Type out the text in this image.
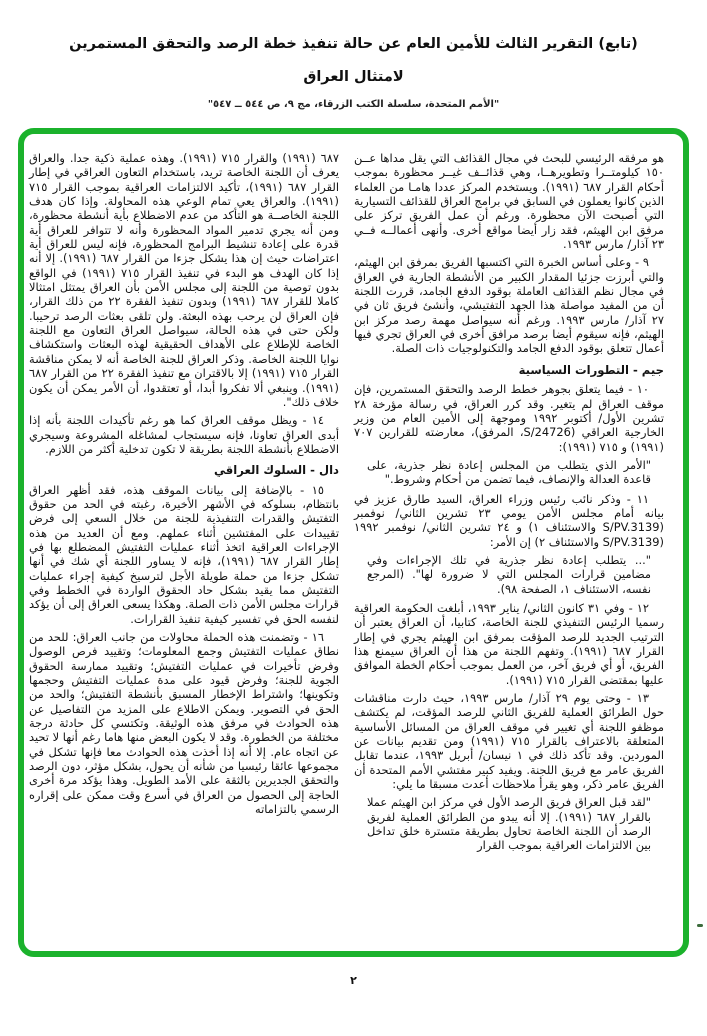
(تابع) التقرير الثالث للأمين العام عن حالة تنفيذ خطة الرصد والتحقق المستمرين
لامتثال العراق
"الأمم المتحدة، سلسلة الكتب الزرقاء، مج ٩، ص ٥٤٤ ــ ٥٤٧"

هو مرفقه الرئيسي للبحث في مجال القذائف التي يقل مداها عــن ١٥٠ كيلومتــرا وتطويرهــا، وهي قذائــف غيــر محظورة بموجب أحكام القرار ٦٨٧ (١٩٩١). ويستخدم المركز عددا هامـا من العلماء الذين كانوا يعملون في السابق في برامج العراق للقذائف التسيارية التي أصبحت الآن محظورة. ورغم أن عمل الفريق تركز على مرفق ابن الهيثم، فقد زار أيضا مواقع أخرى. وأنهى أعمالــه فــي ٢٣ آذار/ مارس ١٩٩٣.

٩ - وعلى أساس الخبرة التي اكتسبها الفريق بمرفق ابن الهيثم، والتي أبرزت جزئيا المقدار الكبير من الأنشطة الجارية في العراق في مجال نظم القذائف العاملة بوقود الدفع الجامد، قررت اللجنة أن من المفيد مواصلة هذا الجهد التفتيشي، وأنشئ فريق ثان في ٢٧ آذار/ مارس ١٩٩٣. ورغم أنه سيواصل مهمة رصد مركز ابن الهيثم، فإنه سيقوم أيضا برصد مرافق أخرى في العراق تجري فيها أعمال تتعلق بوقود الدفع الجامد والتكنولوجيات ذات الصلة.

جيم - التطورات السياسية

١٠ - فيما يتعلق بجوهر خطط الرصد والتحقق المستمرين، فإن موقف العراق لم يتغير. وقد كرر العراق، في رسالة مؤرخة ٢٨ تشرين الأول/ أكتوبر ١٩٩٢ وموجهة إلى الأمين العام من وزير الخارجية العراقي (S/24726، المرفق)، معارضته للقرارين ٧٠٧ (١٩٩١) و ٧١٥ (١٩٩١):

"الأمر الذي يتطلب من المجلس إعادة نظر جذرية، على قاعدة العدالة والإنصاف، فيما تضمن من أحكام وشروط."

١١ - وذكر نائب رئيس وزراء العراق، السيد طارق عزيز في بيانه أمام مجلس الأمن يومي ٢٣ تشرين الثاني/ نوفمبر (S/PV.3139 والاستئناف ١) و ٢٤ تشرين الثاني/ نوفمبر ١٩٩٢ (S/PV.3139 والاستئناف ٢) إن الأمر:

"... يتطلب إعادة نظر جذرية في تلك الإجراءات وفي مضامين قرارات المجلس التي لا ضرورة لها". (المرجع نفسه، الاستئناف ١، الصفحة ٩٨).

١٢ - وفي ٣١ كانون الثاني/ يناير ١٩٩٣، أبلغت الحكومة العراقية رسميا الرئيس التنفيذي للجنة الخاصة، كتابيا، أن العراق يعتبر أن الترتيب الجديد للرصد المؤقت بمرفق ابن الهيثم يجري في إطار القرار ٦٨٧ (١٩٩١). وتفهم اللجنة من هذا أن العراق سيمنع هذا الفريق، أو أي فريق آخر، من العمل بموجب أحكام الخطة الموافق عليها بمقتضى القرار ٧١٥ (١٩٩١).

١٣ - وحتى يوم ٢٩ آذار/ مارس ١٩٩٣، حيث دارت مناقشات حول الطرائق العملية للفريق الثاني للرصد المؤقت، لم يكتشف موظفو اللجنة أي تغيير في موقف العراق من المسائل الأساسية المتعلقة بالاعتراف بالقرار ٧١٥ (١٩٩١) ومن تقديم بيانات عن الموردين. وقد تأكد ذلك في ١ نيسان/ أبريل ١٩٩٣، عندما تقابل الفريق عامر مع فريق اللجنة. ويفيد كبير مفتشي الأمم المتحدة أن الفريق عامر ذكر، وهو يقرأ ملاحظات أعدت مسبقا ما يلي:

"لقد قبل العراق فريق الرصد الأول في مركز ابن الهيثم عملا بالقرار ٦٨٧ (١٩٩١). إلا أنه يبدو من الطرائق العملية لفريق الرصد أن اللجنة الخاصة تحاول بطريقة متسترة خلق تداخل بين الالتزامات العراقية بموجب القرار

٦٨٧ (١٩٩١) والقرار ٧١٥ (١٩٩١). وهذه عملية ذكية جدا. والعراق يعرف أن اللجنة الخاصة تريد، باستخدام التعاون العراقي في إطار القرار ٦٨٧ (١٩٩١)، تأكيد الالتزامات العراقية بموجب القرار ٧١٥ (١٩٩١). والعراق يعي تمام الوعي هذه المحاولة. وإذا كان هدف اللجنة الخاصــة هو التأكد من عدم الاضطلاع بأية أنشطة محظورة، ومن أنه يجري تدمير المواد المحظورة وأنه لا تتوافر للعراق أية قدرة على إعادة تنشيط البرامج المحظورة، فإنه ليس للعراق أية اعتراضات حيث إن هذا يشكل جزءا من القرار ٦٨٧ (١٩٩١). إلا أنه إذا كان الهدف هو البدء في تنفيذ القرار ٧١٥ (١٩٩١) في الواقع بدون توصية من اللجنة إلى مجلس الأمن بأن العراق يمتثل امتثالا كاملا للقرار ٦٨٧ (١٩٩١) وبدون تنفيذ الفقرة ٢٢ من ذلك القرار، فإن العراق لن يرحب بهذه البعثة. ولن تلقى بعثات الرصد ترحيبا. ولكن حتى في هذه الحالة، سيواصل العراق التعاون مع اللجنة الخاصة للإطلاع على الأهداف الحقيقية لهذه البعثات واستكشاف نوايا اللجنة الخاصة. وذكر العراق للجنة الخاصة أنه لا يمكن مناقشة القرار ٧١٥ (١٩٩١) إلا بالاقتران مع تنفيذ الفقرة ٢٢ من القرار ٦٨٧ (١٩٩١). وينبغي ألا تفكروا أبدا، أو تعتقدوا، أن الأمر يمكن أن يكون خلاف ذلك".

١٤ - ويظل موقف العراق كما هو رغم تأكيدات اللجنة بأنه إذا أبدى العراق تعاونا، فإنه سيستجاب لمشاغله المشروعة وسيجري الاضطلاع بأنشطة اللجنة بطريقة لا تكون تدخلية أكثر من اللازم.

دال - السلوك العراقي

١٥ - بالإضافة إلى بيانات الموقف هذه، فقد أظهر العراق بانتظام، بسلوكه في الأشهر الأخيرة، رغبته في الحد من حقوق التفتيش والقدرات التنفيذية للجنة من خلال السعي إلى فرض تقييدات على المفتشين أثناء عملهم. ومع أن العديد من هذه الإجراءات العراقية اتخذ أثناء عمليات التفتيش المضطلع بها في إطار القرار ٦٨٧ (١٩٩١)، فإنه لا يساور اللجنة أي شك في أنها تشكل جزءا من حملة طويلة الأجل لترسيخ كيفية إجراء عمليات التفتيش مما يقيد بشكل حاد الحقوق الواردة في الخطط وفي قرارات مجلس الأمن ذات الصلة. وهكذا يسعى العراق إلى أن يؤكد لنفسه الحق في تفسير كيفية تنفيذ القرارات.

١٦ - وتضمنت هذه الحملة محاولات من جانب العراق: للحد من نطاق عمليات التفتيش وجمع المعلومات؛ وتقييد فرص الوصول وفرض تأخيرات في عمليات التفتيش؛ وتقييد ممارسة الحقوق الجوية للجنة؛ وفرض قيود على مدة عمليات التفتيش وحجمها وتكوينها؛ واشتراط الإخطار المسبق بأنشطة التفتيش؛ والحد من الحق في التصوير. ويمكن الاطلاع على المزيد من التفاصيل عن هذه الحوادث في مرفق هذه الوثيقة. وتكتسي كل حادثة درجة مختلفة من الخطورة. وقد لا يكون البعض منها هاما رغم أنها لا تحيد عن اتجاه عام. إلا أنه إذا أخذت هذه الحوادث معا فإنها تشكل في مجموعها عائقا رئيسيا من شأنه أن يحول، بشكل مؤثر، دون الرصد والتحقق الجديرين بالثقة على الأمد الطويل. وهذا يؤكد مرة أخرى الحاجة إلى الحصول من العراق في أسرع وقت ممكن على إقراره الرسمي بالتزاماته

٢
